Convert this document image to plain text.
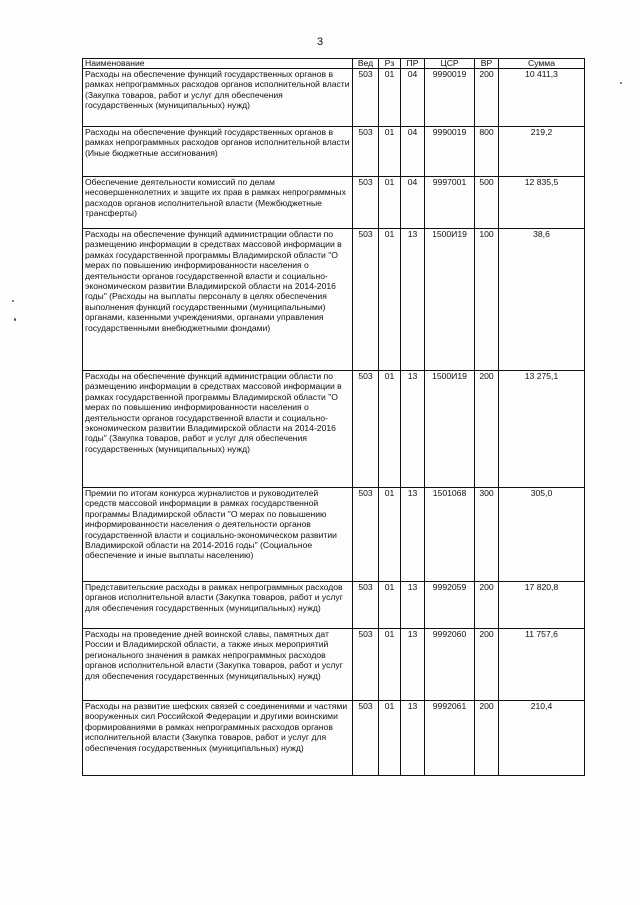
3
Наименование	Вед	Рз	ПР	ЦСР	ВР	Сумма
Расходы на обеспечение функций государственных органов в рамках непрограммных расходов органов исполнительной власти (Закупка товаров, работ и услуг для обеспечения государственных (муниципальных) нужд)	503	01	04	9990019	200	10 411,3
Расходы на обеспечение функций государственных органов в рамках непрограммных расходов органов исполнительной власти (Иные бюджетные ассигнования)	503	01	04	9990019	800	219,2
Обеспечение деятельности комиссий по делам несовершеннолетних и защите их прав в рамках непрограммных расходов органов исполнительной власти (Межбюджетные трансферты)	503	01	04	9997001	500	12 835,5
Расходы на обеспечение функций администрации области по размещению информации в средствах массовой информации в рамках государственной программы Владимирской области "О мерах по повышению информированности населения о деятельности органов государственной власти и социально-экономическом развитии Владимирской области на 2014-2016 годы" (Расходы на выплаты персоналу в целях обеспечения выполнения функций государственными (муниципальными) органами, казенными учреждениями, органами управления государственными внебюджетными фондами)	503	01	13	1500И19	100	38,6
Расходы на обеспечение функций администрации области по размещению информации в средствах массовой информации в рамках государственной программы Владимирской области "О мерах по повышению информированности населения о деятельности органов государственной власти и социально-экономическом развитии Владимирской области на 2014-2016 годы" (Закупка товаров, работ и услуг для обеспечения государственных (муниципальных) нужд)	503	01	13	1500И19	200	13 275,1
Премии по итогам конкурса журналистов и руководителей средств массовой информации в рамках государственной программы Владимирской области "О мерах по повышению информированности населения о деятельности органов государственной власти и социально-экономическом развитии Владимирской области на 2014-2016 годы" (Социальное обеспечение и иные выплаты населению)	503	01	13	1501068	300	305,0
Представительские расходы в рамках непрограммных расходов органов исполнительной власти (Закупка товаров, работ и услуг для обеспечения государственных (муниципальных) нужд)	503	01	13	9992059	200	17 820,8
Расходы на проведение дней воинской славы, памятных дат России и Владимирской области, а также иных мероприятий регионального значения в рамках непрограммных расходов органов исполнительной власти (Закупка товаров, работ и услуг для обеспечения государственных (муниципальных) нужд)	503	01	13	9992060	200	11 757,6
Расходы на развитие шефских связей с соединениями и частями вооруженных сил Российской Федерации и другими воинскими формированиями в рамках непрограммных расходов органов исполнительной власти (Закупка товаров, работ и услуг для обеспечения государственных (муниципальных) нужд)	503	01	13	9992061	200	210,4
